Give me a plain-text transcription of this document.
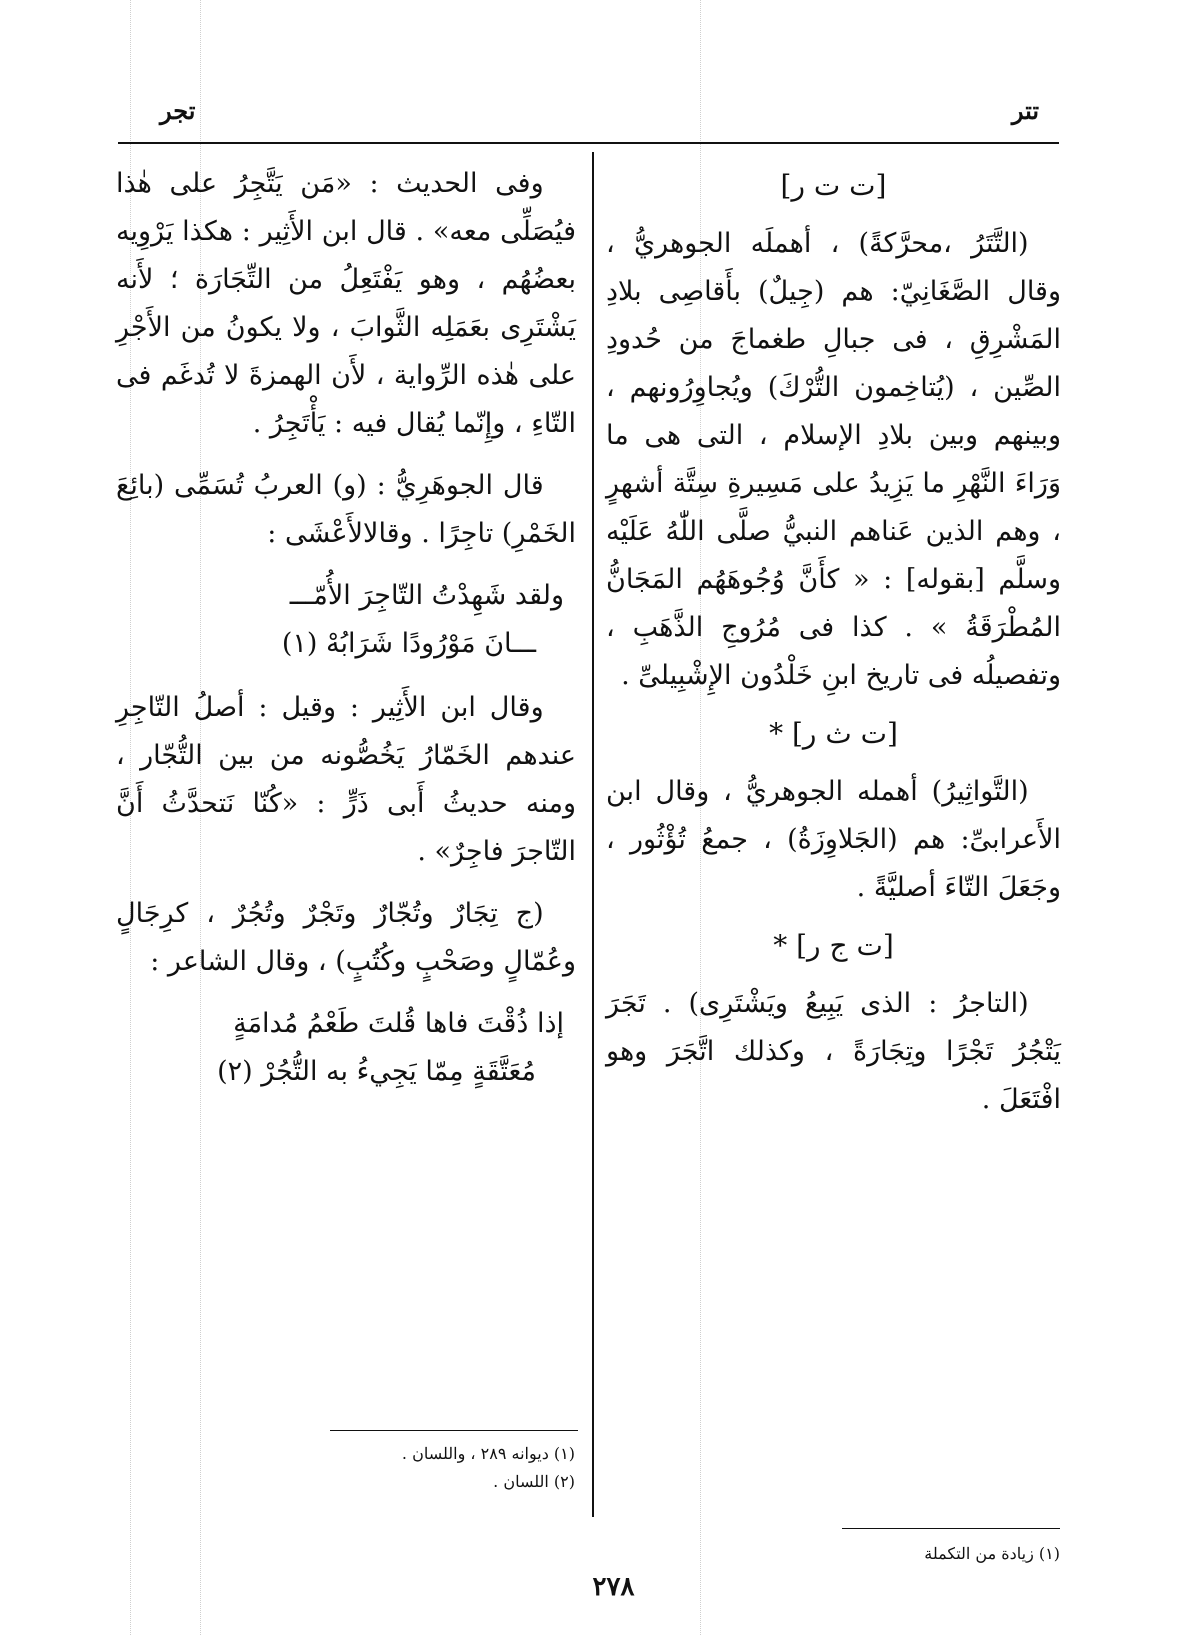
تتر
تجر
[ت ت ر]

(التَّتَرُ ،محرَّكةً) ، أهملَه الجوهريُّ ، وقال الصَّغَانِيّ: هم (جِيلٌ) بأَقاصِى بلادِ المَشْرِقِ ، فى جبالِ طغماجَ من حُدودِ الصِّين ، (يُتاخِمون التُّرْكَ) ويُجاوِرُونهم ، وبينهم وبين بلادِ الإسلام ، التى هى ما وَرَاءَ النَّهْرِ ما يَزِيدُ على مَسِيرةِ سِتَّة أشهرٍ ، وهم الذين عَناهم النبيُّ صلَّى اللّٰهُ عَلَيْه وسلَّم [بقوله] : « كأَنَّ وُجُوهَهُم المَجَانُّ المُطْرَقَةُ » . كذا فى مُرُوجِ الذَّهَبِ ، وتفصيلُه فى تاريخ ابنِ خَلْدُون الإِشْبِيلىِّ .

[ت ث ر] *

(التَّواثِيرُ) أهمله الجوهريُّ ، وقال ابن الأَعرابىِّ: هم (الجَلاوِزَةُ) ، جمعُ تُؤْثُور ، وجَعَلَ التّاءَ أصليَّةً .

[ت ج ر] *

(التاجرُ : الذى يَبِيعُ ويَشْتَرِى) . تَجَرَ يَتْجُرُ تَجْرًا وتِجَارَةً ، وكذلك اتَّجَرَ وهو افْتَعَلَ .

وفى الحديث : «مَن يَتَّجِرُ على هٰذا فيُصَلِّى معه» . قال ابن الأَثِير : هكذا يَرْوِيه بعضُهُم ، وهو يَفْتَعِلُ من التِّجَارَة ؛ لأَنه يَشْتَرِى بعَمَلِه الثَّوابَ ، ولا يكونُ من الأَجْرِ على هٰذه الرِّواية ، لأَن الهمزةَ لا تُدغَم فى التّاءِ ، وإِنّما يُقال فيه : يَأْتَجِرُ .

قال الجوهَرِيُّ : (و) العربُ تُسَمِّى (بائِعَ الخَمْرِ) تاجِرًا . وقالالأَعْشَى :

ولقد شَهِدْتُ التّاجِرَ الأُمّـــ
ـــانَ مَوْرُودًا شَرَابُهْ (١)

وقال ابن الأَثِير : وقيل : أصلُ التّاجِرِ عندهم الخَمّارُ يَخُصُّونه من بين التُّجّار ، ومنه حديثُ أَبى ذَرٍّ : «كُنّا نَتحدَّثُ أَنَّ التّاجرَ فاجِرٌ» .

(ج تِجَارٌ وتُجّارٌ وتَجْرٌ وتُجُرٌ ، كرِجَالٍ وعُمّالٍ وصَحْبٍ وكُتُبٍ) ، وقال الشاعر :

إذا ذُقْتَ فاها قُلتَ طَعْمُ مُدامَةٍ
مُعَتَّقَةٍ مِمّا يَجِيءُ به التُّجُرْ (٢)
(١) زيادة من التكملة
(١) ديوانه ٢٨٩ ، واللسان .
(٢) اللسان .
٢٧٨
